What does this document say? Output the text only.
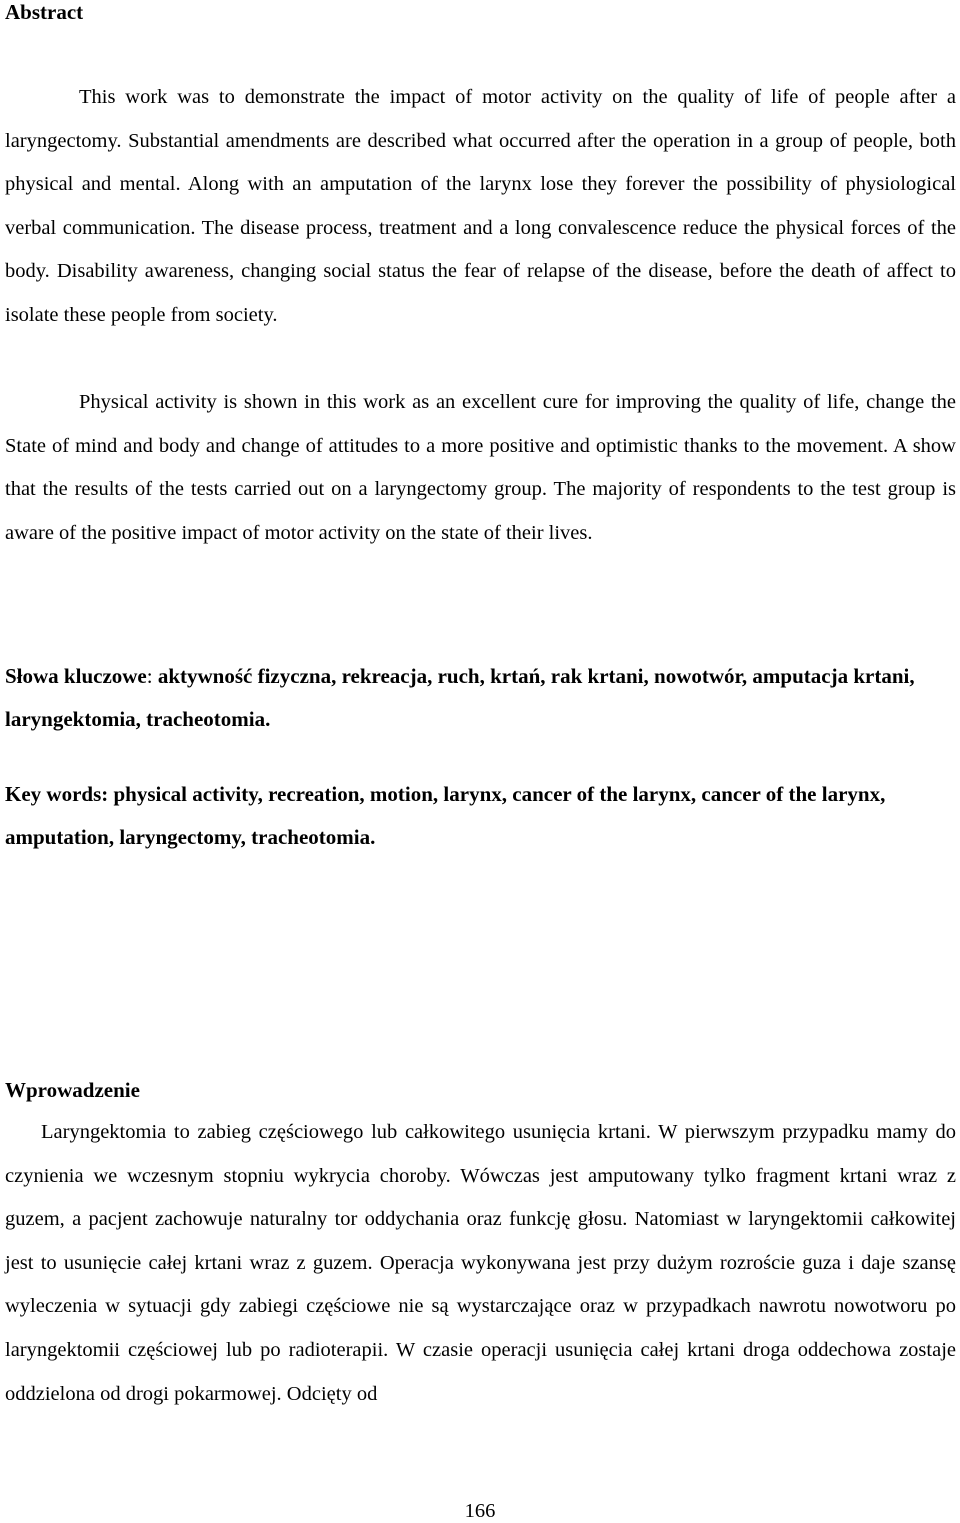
Abstract

This work was to demonstrate the impact of motor activity on the quality of life of people after a laryngectomy. Substantial amendments are described what occurred after the operation in a group of people, both physical and mental. Along with an amputation of the larynx lose they forever the possibility of physiological verbal communication. The disease process, treatment and a long convalescence reduce the physical forces of the body. Disability awareness, changing social status the fear of relapse of the disease, before the death of affect to isolate these people from society.

Physical activity is shown in this work as an excellent cure for improving the quality of life, change the State of mind and body and change of attitudes to a more positive and optimistic thanks to the movement. A show that the results of the tests carried out on a laryngectomy group. The majority of respondents to the test group is aware of the positive impact of motor activity on the state of their lives.

Słowa kluczowe: aktywność fizyczna, rekreacja, ruch, krtań, rak krtani, nowotwór, amputacja krtani, laryngektomia, tracheotomia.

Key words: physical activity, recreation, motion, larynx, cancer of the larynx, cancer of the larynx, amputation, laryngectomy, tracheotomia.

Wprowadzenie

Laryngektomia to zabieg częściowego lub całkowitego usunięcia krtani. W pierwszym przypadku mamy do czynienia we wczesnym stopniu wykrycia choroby. Wówczas jest amputowany tylko fragment krtani wraz z guzem, a pacjent zachowuje naturalny tor oddychania oraz funkcję głosu. Natomiast w laryngektomii całkowitej jest to usunięcie całej krtani wraz z guzem. Operacja wykonywana jest przy dużym rozroście guza i daje szansę wyleczenia w sytuacji gdy zabiegi częściowe nie są wystarczające oraz w przypadkach nawrotu nowotworu po laryngektomii częściowej lub po radioterapii. W czasie operacji usunięcia całej krtani droga oddechowa zostaje oddzielona od drogi pokarmowej. Odcięty od

166
